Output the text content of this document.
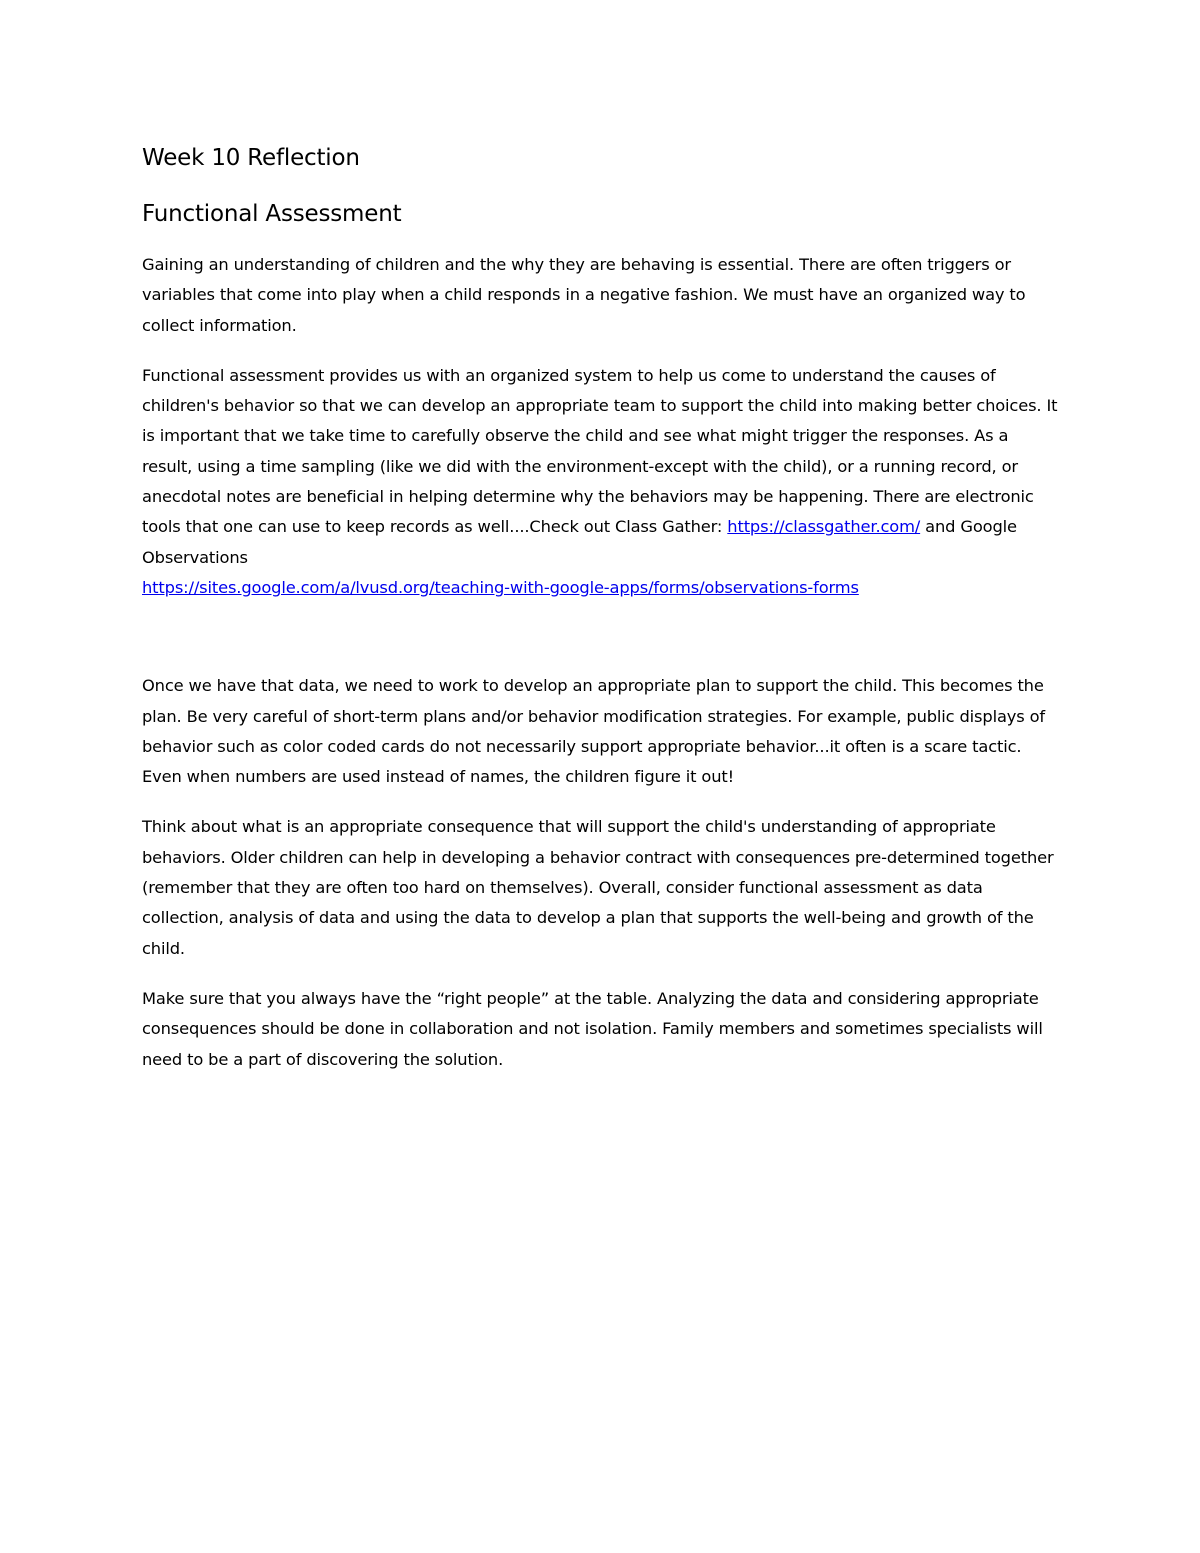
Week 10 Reflection
Functional Assessment

Gaining an understanding of children and the why they are behaving is essential. There are often triggers or variables that come into play when a child responds in a negative fashion. We must have an organized way to collect information.

Functional assessment provides us with an organized system to help us come to understand the causes of children's behavior so that we can develop an appropriate team to support the child into making better choices. It is important that we take time to carefully observe the child and see what might trigger the responses. As a result, using a time sampling (like we did with the environment-except with the child), or a running record, or anecdotal notes are beneficial in helping determine why the behaviors may be happening. There are electronic tools that one can use to keep records as well....Check out Class Gather: https://classgather.com/ and Google Observations
https://sites.google.com/a/lvusd.org/teaching-with-google-apps/forms/observations-forms

Once we have that data, we need to work to develop an appropriate plan to support the child. This becomes the plan. Be very careful of short-term plans and/or behavior modification strategies. For example, public displays of behavior such as color coded cards do not necessarily support appropriate behavior...it often is a scare tactic. Even when numbers are used instead of names, the children figure it out!

Think about what is an appropriate consequence that will support the child's understanding of appropriate behaviors. Older children can help in developing a behavior contract with consequences pre-determined together (remember that they are often too hard on themselves). Overall, consider functional assessment as data collection, analysis of data and using the data to develop a plan that supports the well-being and growth of the child.

Make sure that you always have the “right people” at the table. Analyzing the data and considering appropriate consequences should be done in collaboration and not isolation. Family members and sometimes specialists will need to be a part of discovering the solution.
